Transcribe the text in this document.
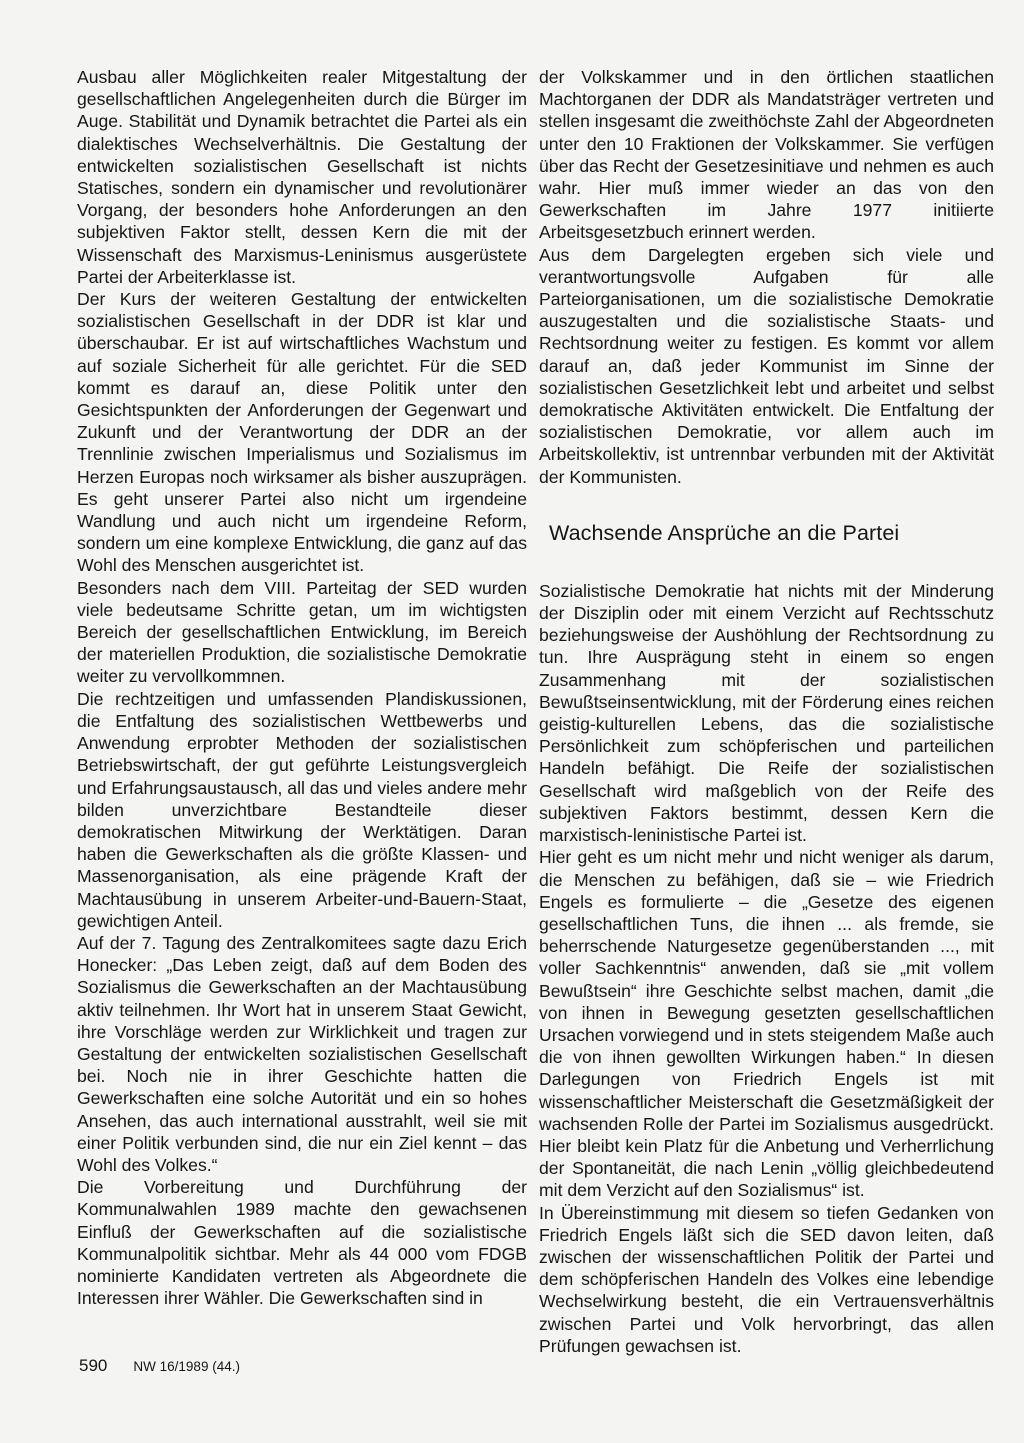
Ausbau aller Möglichkeiten realer Mitgestaltung der gesellschaftlichen Angelegenheiten durch die Bürger im Auge. Stabilität und Dynamik betrachtet die Partei als ein dialektisches Wechselverhältnis. Die Gestaltung der entwickelten sozialistischen Gesellschaft ist nichts Statisches, sondern ein dynamischer und revolutionärer Vorgang, der besonders hohe Anforderungen an den subjektiven Faktor stellt, dessen Kern die mit der Wissenschaft des Marxismus-Leninismus ausgerüstete Partei der Arbeiterklasse ist.

Der Kurs der weiteren Gestaltung der entwickelten sozialistischen Gesellschaft in der DDR ist klar und überschaubar. Er ist auf wirtschaftliches Wachstum und auf soziale Sicherheit für alle gerichtet. Für die SED kommt es darauf an, diese Politik unter den Gesichtspunkten der Anforderungen der Gegenwart und Zukunft und der Verantwortung der DDR an der Trennlinie zwischen Imperialismus und Sozialismus im Herzen Europas noch wirksamer als bisher auszuprägen. Es geht unserer Partei also nicht um irgendeine Wandlung und auch nicht um irgendeine Reform, sondern um eine komplexe Entwicklung, die ganz auf das Wohl des Menschen ausgerichtet ist.

Besonders nach dem VIII. Parteitag der SED wurden viele bedeutsame Schritte getan, um im wichtigsten Bereich der gesellschaftlichen Entwicklung, im Bereich der materiellen Produktion, die sozialistische Demokratie weiter zu vervollkommnen.

Die rechtzeitigen und umfassenden Plandiskussionen, die Entfaltung des sozialistischen Wettbewerbs und Anwendung erprobter Methoden der sozialistischen Betriebswirtschaft, der gut geführte Leistungsvergleich und Erfahrungsaustausch, all das und vieles andere mehr bilden unverzichtbare Bestandteile dieser demokratischen Mitwirkung der Werktätigen. Daran haben die Gewerkschaften als die größte Klassen- und Massenorganisation, als eine prägende Kraft der Machtausübung in unserem Arbeiter-und-Bauern-Staat, gewichtigen Anteil.

Auf der 7. Tagung des Zentralkomitees sagte dazu Erich Honecker: „Das Leben zeigt, daß auf dem Boden des Sozialismus die Gewerkschaften an der Machtausübung aktiv teilnehmen. Ihr Wort hat in unserem Staat Gewicht, ihre Vorschläge werden zur Wirklichkeit und tragen zur Gestaltung der entwickelten sozialistischen Gesellschaft bei. Noch nie in ihrer Geschichte hatten die Gewerkschaften eine solche Autorität und ein so hohes Ansehen, das auch international ausstrahlt, weil sie mit einer Politik verbunden sind, die nur ein Ziel kennt – das Wohl des Volkes.“

Die Vorbereitung und Durchführung der Kommunalwahlen 1989 machte den gewachsenen Einfluß der Gewerkschaften auf die sozialistische Kommunalpolitik sichtbar. Mehr als 44 000 vom FDGB nominierte Kandidaten vertreten als Abgeordnete die Interessen ihrer Wähler. Die Gewerkschaften sind in

der Volkskammer und in den örtlichen staatlichen Machtorganen der DDR als Mandatsträger vertreten und stellen insgesamt die zweithöchste Zahl der Abgeordneten unter den 10 Fraktionen der Volkskammer. Sie verfügen über das Recht der Gesetzesinitiave und nehmen es auch wahr. Hier muß immer wieder an das von den Gewerkschaften im Jahre 1977 initiierte Arbeitsgesetzbuch erinnert werden.

Aus dem Dargelegten ergeben sich viele und verantwortungsvolle Aufgaben für alle Parteiorganisationen, um die sozialistische Demokratie auszugestalten und die sozialistische Staats- und Rechtsordnung weiter zu festigen. Es kommt vor allem darauf an, daß jeder Kommunist im Sinne der sozialistischen Gesetzlichkeit lebt und arbeitet und selbst demokratische Aktivitäten entwickelt. Die Entfaltung der sozialistischen Demokratie, vor allem auch im Arbeitskollektiv, ist untrennbar verbunden mit der Aktivität der Kommunisten.

Wachsende Ansprüche an die Partei

Sozialistische Demokratie hat nichts mit der Minderung der Disziplin oder mit einem Verzicht auf Rechtsschutz beziehungsweise der Aushöhlung der Rechtsordnung zu tun. Ihre Ausprägung steht in einem so engen Zusammenhang mit der sozialistischen Bewußtseinsentwicklung, mit der Förderung eines reichen geistig-kulturellen Lebens, das die sozialistische Persönlichkeit zum schöpferischen und parteilichen Handeln befähigt. Die Reife der sozialistischen Gesellschaft wird maßgeblich von der Reife des subjektiven Faktors bestimmt, dessen Kern die marxistisch-leninistische Partei ist.

Hier geht es um nicht mehr und nicht weniger als darum, die Menschen zu befähigen, daß sie – wie Friedrich Engels es formulierte – die „Gesetze des eigenen gesellschaftlichen Tuns, die ihnen ... als fremde, sie beherrschende Naturgesetze gegenüberstanden ..., mit voller Sachkenntnis“ anwenden, daß sie „mit vollem Bewußtsein“ ihre Geschichte selbst machen, damit „die von ihnen in Bewegung gesetzten gesellschaftlichen Ursachen vorwiegend und in stets steigendem Maße auch die von ihnen gewollten Wirkungen haben.“ In diesen Darlegungen von Friedrich Engels ist mit wissenschaftlicher Meisterschaft die Gesetzmäßigkeit der wachsenden Rolle der Partei im Sozialismus ausgedrückt. Hier bleibt kein Platz für die Anbetung und Verherrlichung der Spontaneität, die nach Lenin „völlig gleichbedeutend mit dem Verzicht auf den Sozialismus“ ist.

In Übereinstimmung mit diesem so tiefen Gedanken von Friedrich Engels läßt sich die SED davon leiten, daß zwischen der wissenschaftlichen Politik der Partei und dem schöpferischen Handeln des Volkes eine lebendige Wechselwirkung besteht, die ein Vertrauensverhältnis zwischen Partei und Volk hervorbringt, das allen Prüfungen gewachsen ist.

590 NW 16/1989 (44.)
